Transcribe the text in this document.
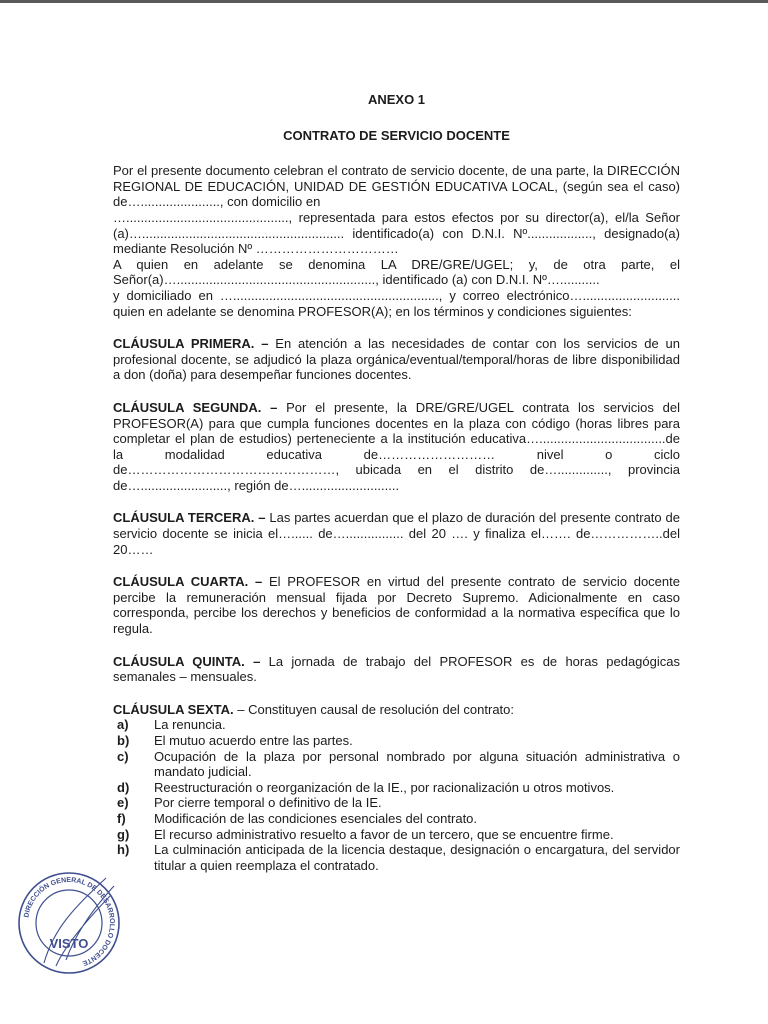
ANEXO 1
CONTRATO DE SERVICIO DOCENTE

Por el presente documento celebran el contrato de servicio docente, de una parte, la DIRECCIÓN REGIONAL DE EDUCACIÓN, UNIDAD DE GESTIÓN EDUCATIVA LOCAL, (según sea el caso) de…......................, con domicilio en

…............................................., representada para estos efectos por su director(a), el/la Señor (a)…........................................................ identificado(a) con D.N.I. Nº.................., designado(a) mediante Resolución Nº ……………………………

A quien en adelante se denomina LA DRE/GRE/UGEL; y, de otra parte, el Señor(a)…......................................................., identificado (a) con D.N.I. Nº…...........

y domiciliado en …........................................................., y correo electrónico…........................... quien en adelante se denomina PROFESOR(A); en los términos y condiciones siguientes:

CLÁUSULA PRIMERA. – En atención a las necesidades de contar con los servicios de un profesional docente, se adjudicó la plaza orgánica/eventual/temporal/horas de libre disponibilidad a don (doña) para desempeñar funciones docentes.

CLÁUSULA SEGUNDA. – Por el presente, la DRE/GRE/UGEL contrata los servicios del PROFESOR(A) para que cumpla funciones docentes en la plaza con código (horas libres para completar el plan de estudios) perteneciente a la institución educativa…...................................de la modalidad educativa de……………………… nivel o ciclo de…………………………………………, ubicada en el distrito de….............., provincia de…........................, región de…...........................

CLÁUSULA TERCERA. – Las partes acuerdan que el plazo de duración del presente contrato de servicio docente se inicia el…...... de…................ del 20 …. y finaliza el……. de……………..del 20……

CLÁUSULA CUARTA. – El PROFESOR en virtud del presente contrato de servicio docente percibe la remuneración mensual fijada por Decreto Supremo. Adicionalmente en caso corresponda, percibe los derechos y beneficios de conformidad a la normativa específica que lo regula.

CLÁUSULA QUINTA. – La jornada de trabajo del PROFESOR es de horas pedagógicas semanales – mensuales.

CLÁUSULA SEXTA. – Constituyen causal de resolución del contrato:

a) La renuncia.
b) El mutuo acuerdo entre las partes.
c) Ocupación de la plaza por personal nombrado por alguna situación administrativa o mandato judicial.
d) Reestructuración o reorganización de la IE., por racionalización u otros motivos.
e) Por cierre temporal o definitivo de la IE.
f) Modificación de las condiciones esenciales del contrato.
g) El recurso administrativo resuelto a favor de un tercero, que se encuentre firme.
h) La culminación anticipada de la licencia destaque, designación o encargatura, del servidor titular a quien reemplaza el contratado.
DIRECCIÓN GENERAL DE DESARROLLO DOCENTE
VISTO
